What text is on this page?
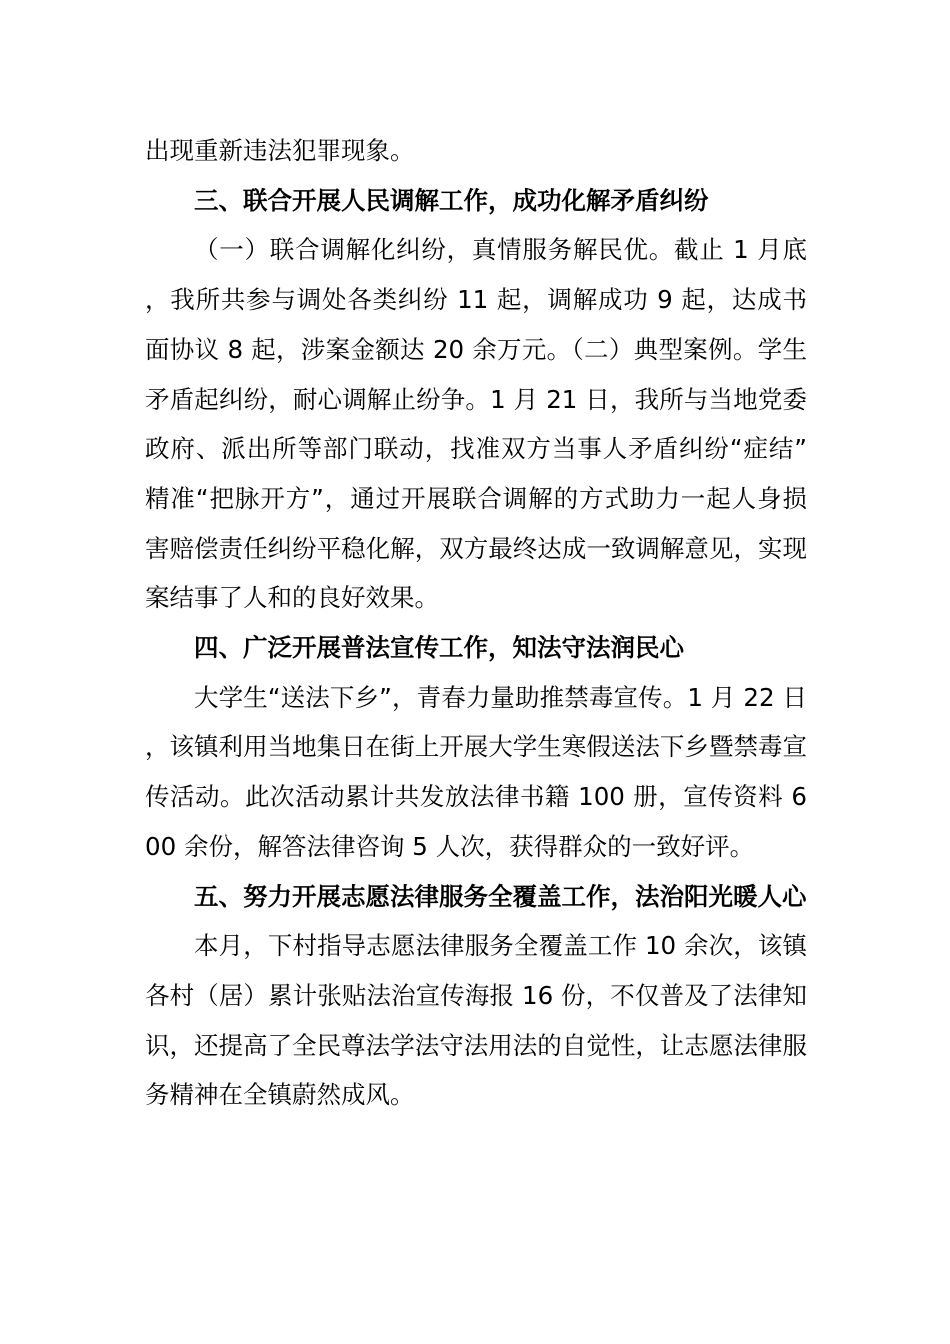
出现重新违法犯罪现象。

三、联合开展人民调解工作，成功化解矛盾纠纷

（一）联合调解化纠纷，真情服务解民优。截止 1 月底，我所共参与调处各类纠纷 11 起，调解成功 9 起，达成书面协议 8 起，涉案金额达 20 余万元。（二）典型案例。学生矛盾起纠纷，耐心调解止纷争。1 月 21 日，我所与当地党委政府、派出所等部门联动，找准双方当事人矛盾纠纷“症结”精准“把脉开方”，通过开展联合调解的方式助力一起人身损害赔偿责任纠纷平稳化解，双方最终达成一致调解意见，实现案结事了人和的良好效果。

四、广泛开展普法宣传工作，知法守法润民心

大学生“送法下乡”，青春力量助推禁毒宣传。1 月 22 日，该镇利用当地集日在街上开展大学生寒假送法下乡暨禁毒宣传活动。此次活动累计共发放法律书籍 100 册，宣传资料 600 余份，解答法律咨询 5 人次，获得群众的一致好评。

五、努力开展志愿法律服务全覆盖工作，法治阳光暖人心

本月，下村指导志愿法律服务全覆盖工作 10 余次，该镇各村（居）累计张贴法治宣传海报 16 份，不仅普及了法律知识，还提高了全民尊法学法守法用法的自觉性，让志愿法律服务精神在全镇蔚然成风。
